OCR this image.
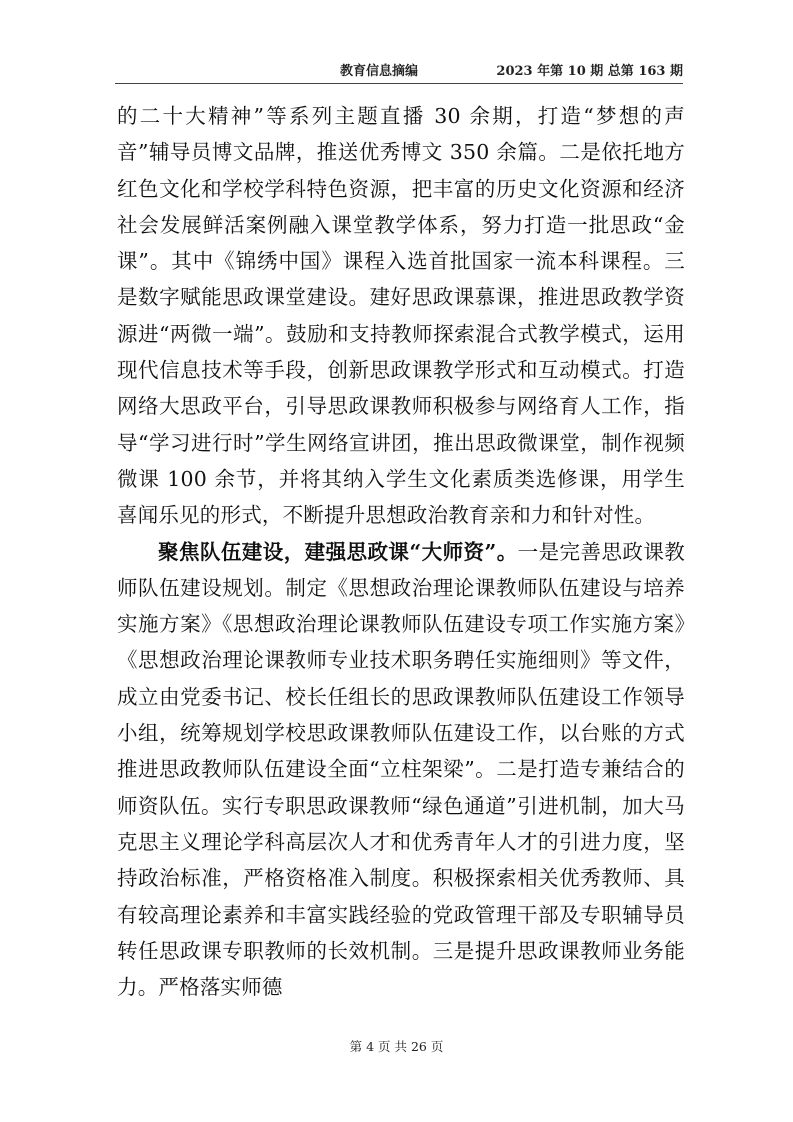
教育信息摘编	2023 年第 10 期 总第 163 期

的二十大精神”等系列主题直播 30 余期，打造“梦想的声音”辅导员博文品牌，推送优秀博文 350 余篇。二是依托地方红色文化和学校学科特色资源，把丰富的历史文化资源和经济社会发展鲜活案例融入课堂教学体系，努力打造一批思政“金课”。其中《锦绣中国》课程入选首批国家一流本科课程。三是数字赋能思政课堂建设。建好思政课慕课，推进思政教学资源进“两微一端”。鼓励和支持教师探索混合式教学模式，运用现代信息技术等手段，创新思政课教学形式和互动模式。打造网络大思政平台，引导思政课教师积极参与网络育人工作，指导“学习进行时”学生网络宣讲团，推出思政微课堂，制作视频微课 100 余节，并将其纳入学生文化素质类选修课，用学生喜闻乐见的形式，不断提升思想政治教育亲和力和针对性。

聚焦队伍建设，建强思政课“大师资”。一是完善思政课教师队伍建设规划。制定《思想政治理论课教师队伍建设与培养实施方案》《思想政治理论课教师队伍建设专项工作实施方案》《思想政治理论课教师专业技术职务聘任实施细则》等文件，成立由党委书记、校长任组长的思政课教师队伍建设工作领导小组，统筹规划学校思政课教师队伍建设工作，以台账的方式推进思政教师队伍建设全面“立柱架梁”。二是打造专兼结合的师资队伍。实行专职思政课教师“绿色通道”引进机制，加大马克思主义理论学科高层次人才和优秀青年人才的引进力度，坚持政治标准，严格资格准入制度。积极探索相关优秀教师、具有较高理论素养和丰富实践经验的党政管理干部及专职辅导员转任思政课专职教师的长效机制。三是提升思政课教师业务能力。严格落实师德

第 4 页 共 26 页
